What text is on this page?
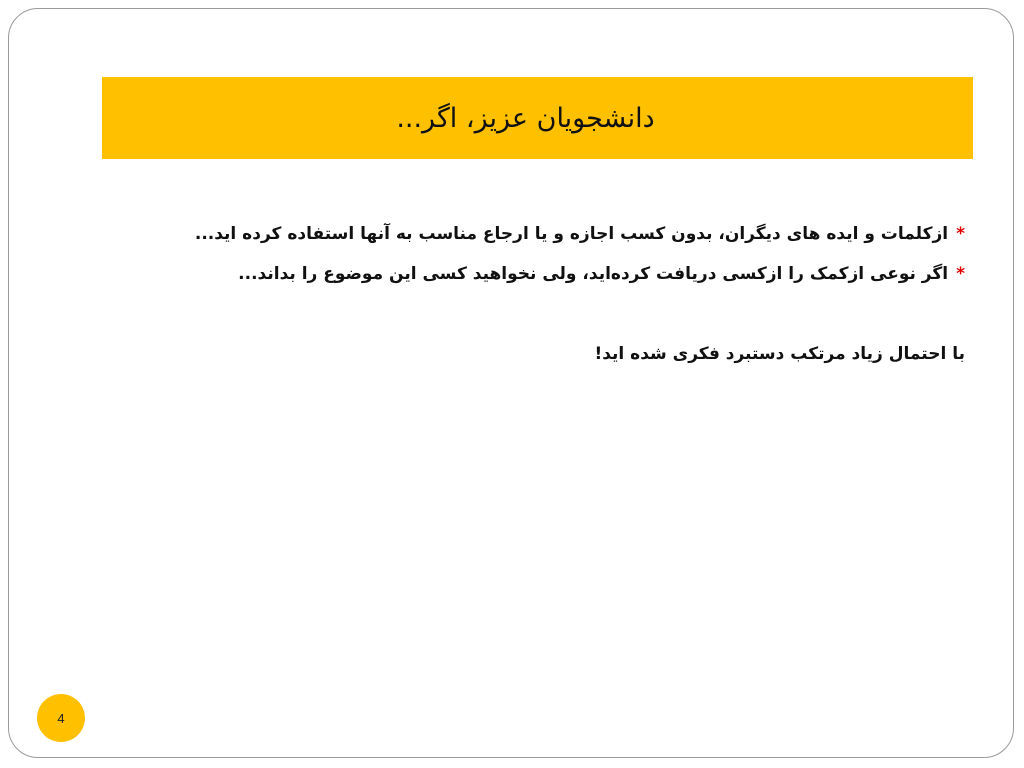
دانشجویان عزیز، اگر...

*ازکلمات و ایده های دیگران، بدون کسب اجازه و یا ارجاع مناسب به آنها استفاده کرده اید...

*اگر نوعی ازکمک را ازکسی دریافت کرده‌اید، ولی نخواهید کسی این موضوع را بداند...

با احتمال زیاد مرتکب دستبرد فکری شده اید!

4
